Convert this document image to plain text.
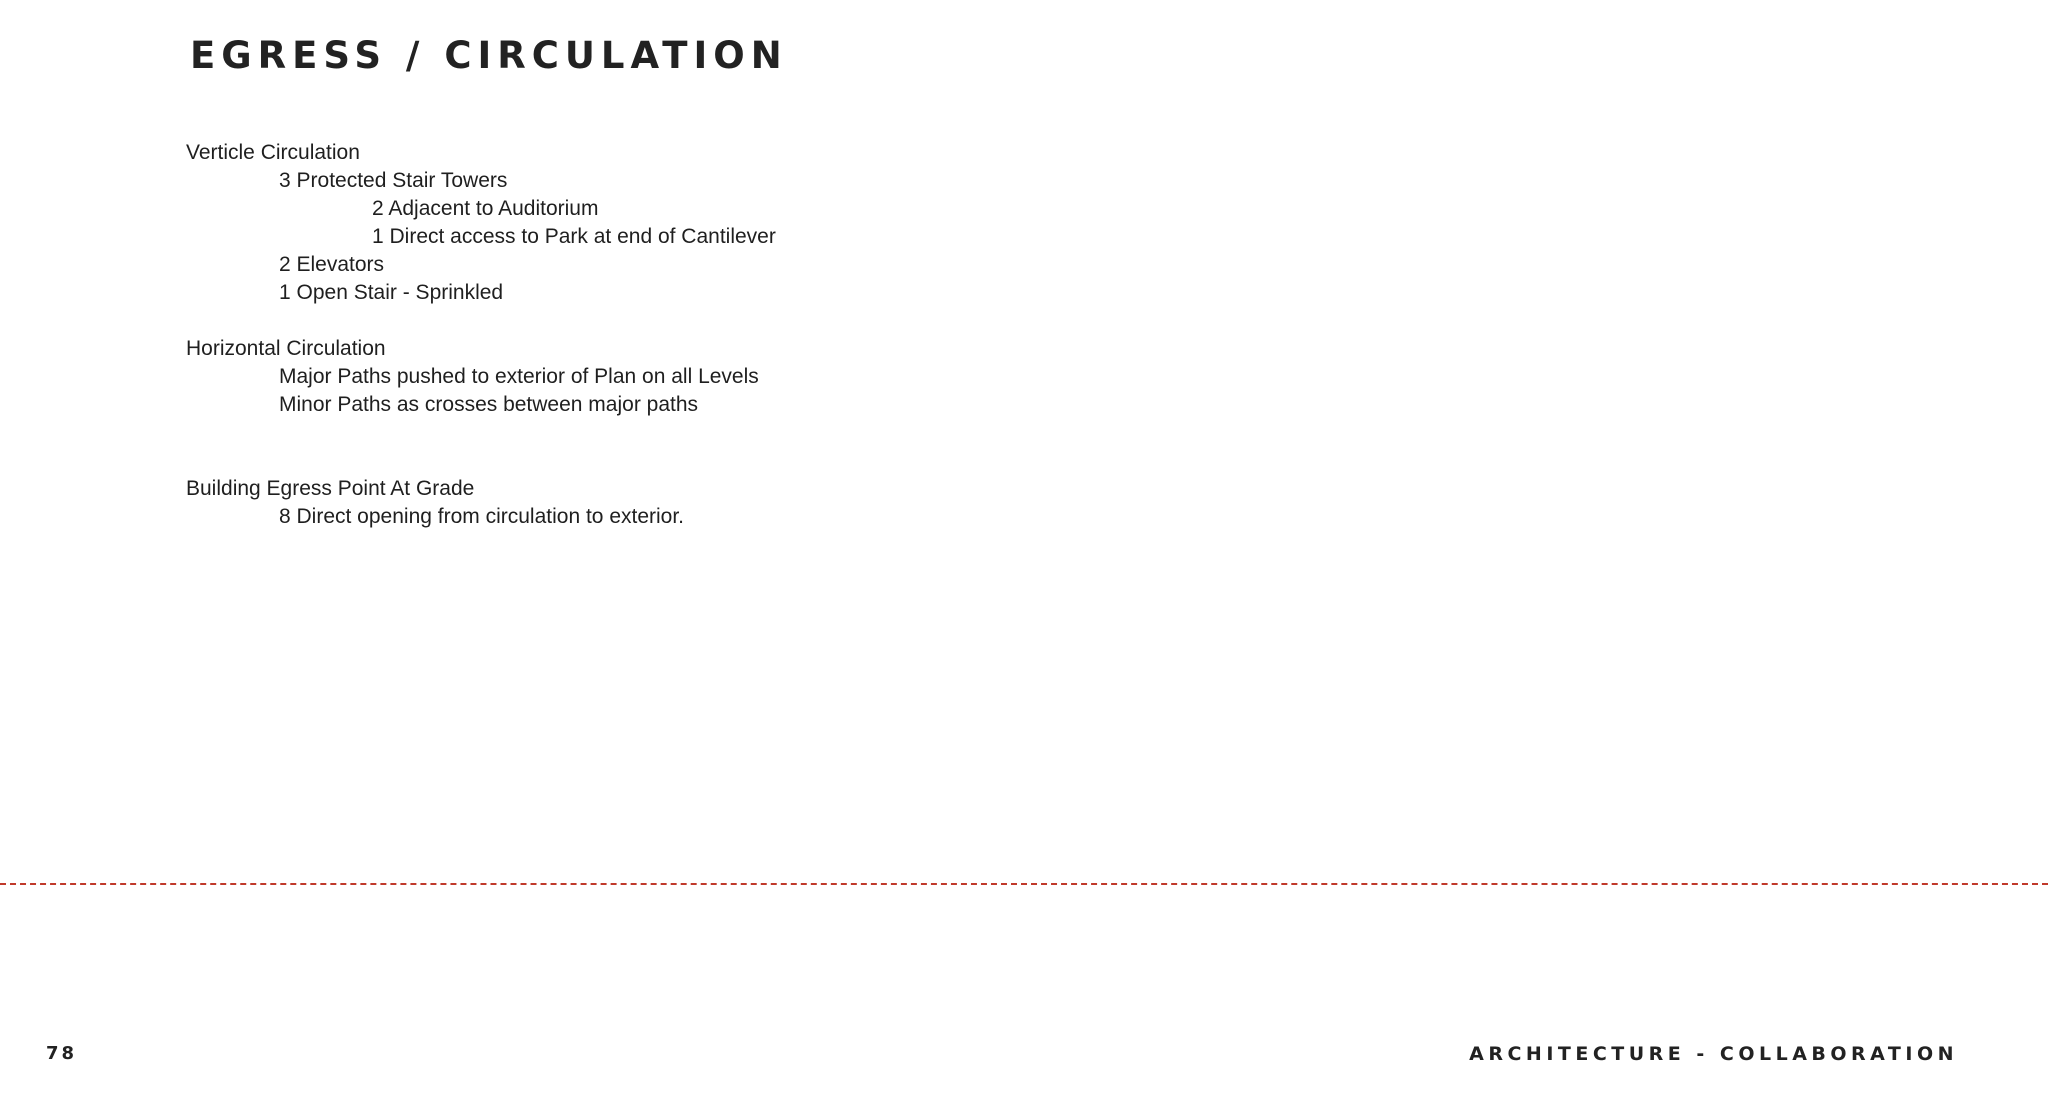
EGRESS / CIRCULATION
Verticle Circulation
3 Protected Stair Towers
2 Adjacent to Auditorium
1 Direct access to Park at end of Cantilever
2 Elevators
1 Open Stair - Sprinkled
Horizontal Circulation
Major Paths pushed to exterior of Plan on all Levels
Minor Paths as crosses between major paths
Building Egress Point At Grade
8 Direct opening from circulation to exterior.
78	ARCHITECTURE - COLLABORATION
